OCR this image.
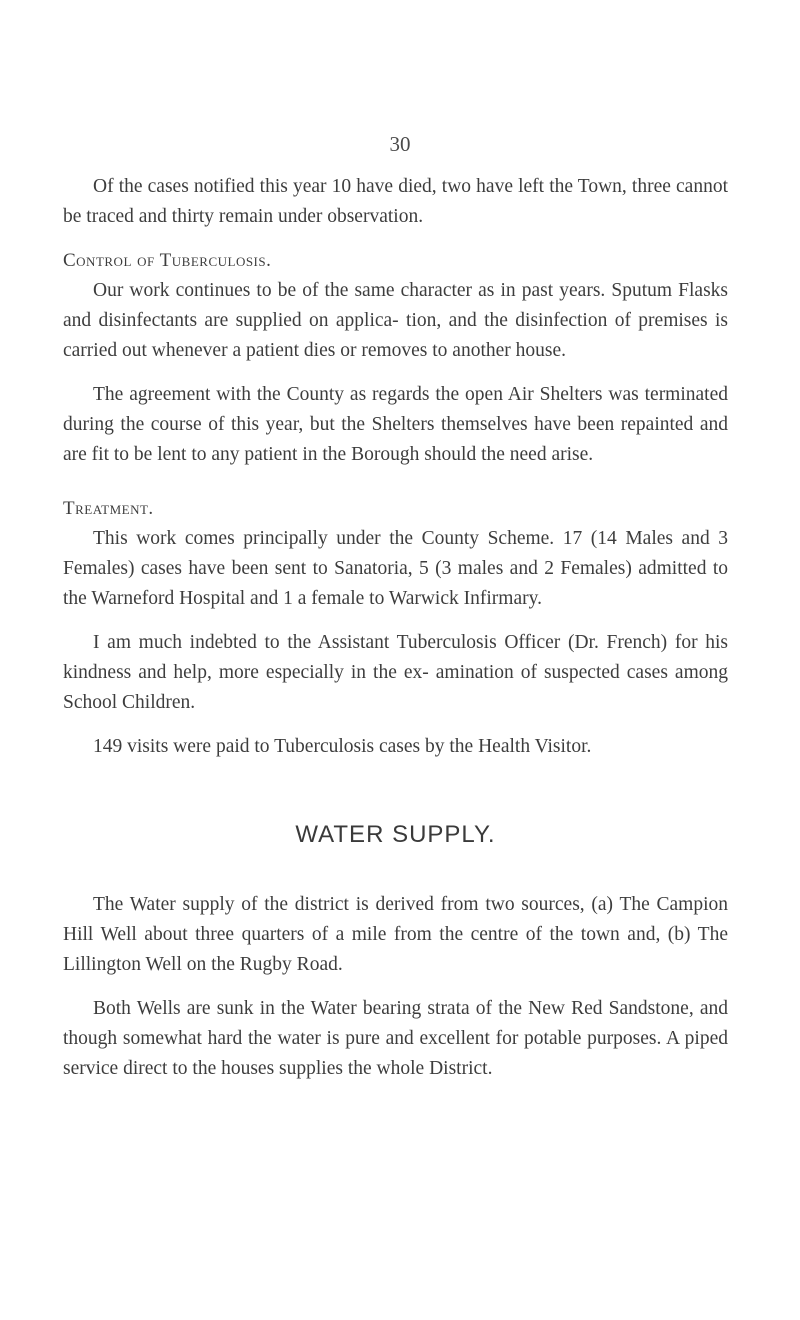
30

Of the cases notified this year 10 have died, two have left the Town, three cannot be traced and thirty remain under observation.

Control of Tuberculosis.

Our work continues to be of the same character as in past years. Sputum Flasks and disinfectants are supplied on applica- tion, and the disinfection of premises is carried out whenever a patient dies or removes to another house.

The agreement with the County as regards the open Air Shelters was terminated during the course of this year, but the Shelters themselves have been repainted and are fit to be lent to any patient in the Borough should the need arise.

Treatment.

This work comes principally under the County Scheme. 17 (14 Males and 3 Females) cases have been sent to Sanatoria, 5 (3 males and 2 Females) admitted to the Warneford Hospital and 1 a female to Warwick Infirmary.

I am much indebted to the Assistant Tuberculosis Officer (Dr. French) for his kindness and help, more especially in the ex- amination of suspected cases among School Children.

149 visits were paid to Tuberculosis cases by the Health Visitor.

WATER SUPPLY.

The Water supply of the district is derived from two sources, (a) The Campion Hill Well about three quarters of a mile from the centre of the town and, (b) The Lillington Well on the Rugby Road.

Both Wells are sunk in the Water bearing strata of the New Red Sandstone, and though somewhat hard the water is pure and excellent for potable purposes. A piped service direct to the houses supplies the whole District.
